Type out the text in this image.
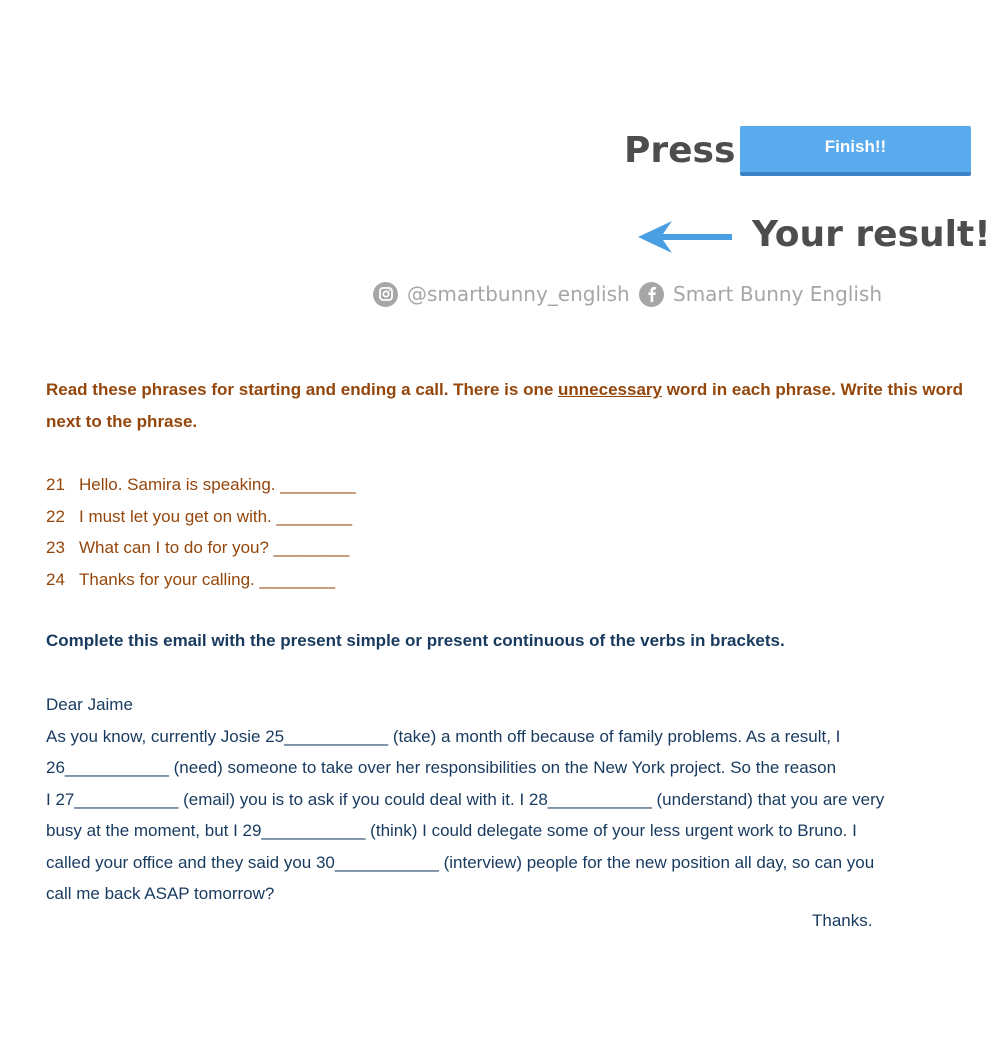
Press	Finish!!
Your result!
@smartbunny_english Smart Bunny English

Read these phrases for starting and ending a call. There is one unnecessary word in each phrase. Write this word next to the phrase.

21 Hello. Samira is speaking. ________
22 I must let you get on with. ________
23 What can I to do for you? ________
24 Thanks for your calling. ________

Complete this email with the present simple or present continuous of the verbs in brackets.

Dear Jaime
As you know, currently Josie 25___________ (take) a month off because of family problems. As a result, I
26___________ (need) someone to take over her responsibilities on the New York project. So the reason
I 27___________ (email) you is to ask if you could deal with it. I 28___________ (understand) that you are very
busy at the moment, but I 29___________ (think) I could delegate some of your less urgent work to Bruno. I
called your office and they said you 30___________ (interview) people for the new position all day, so can you
call me back ASAP tomorrow?
Thanks.
